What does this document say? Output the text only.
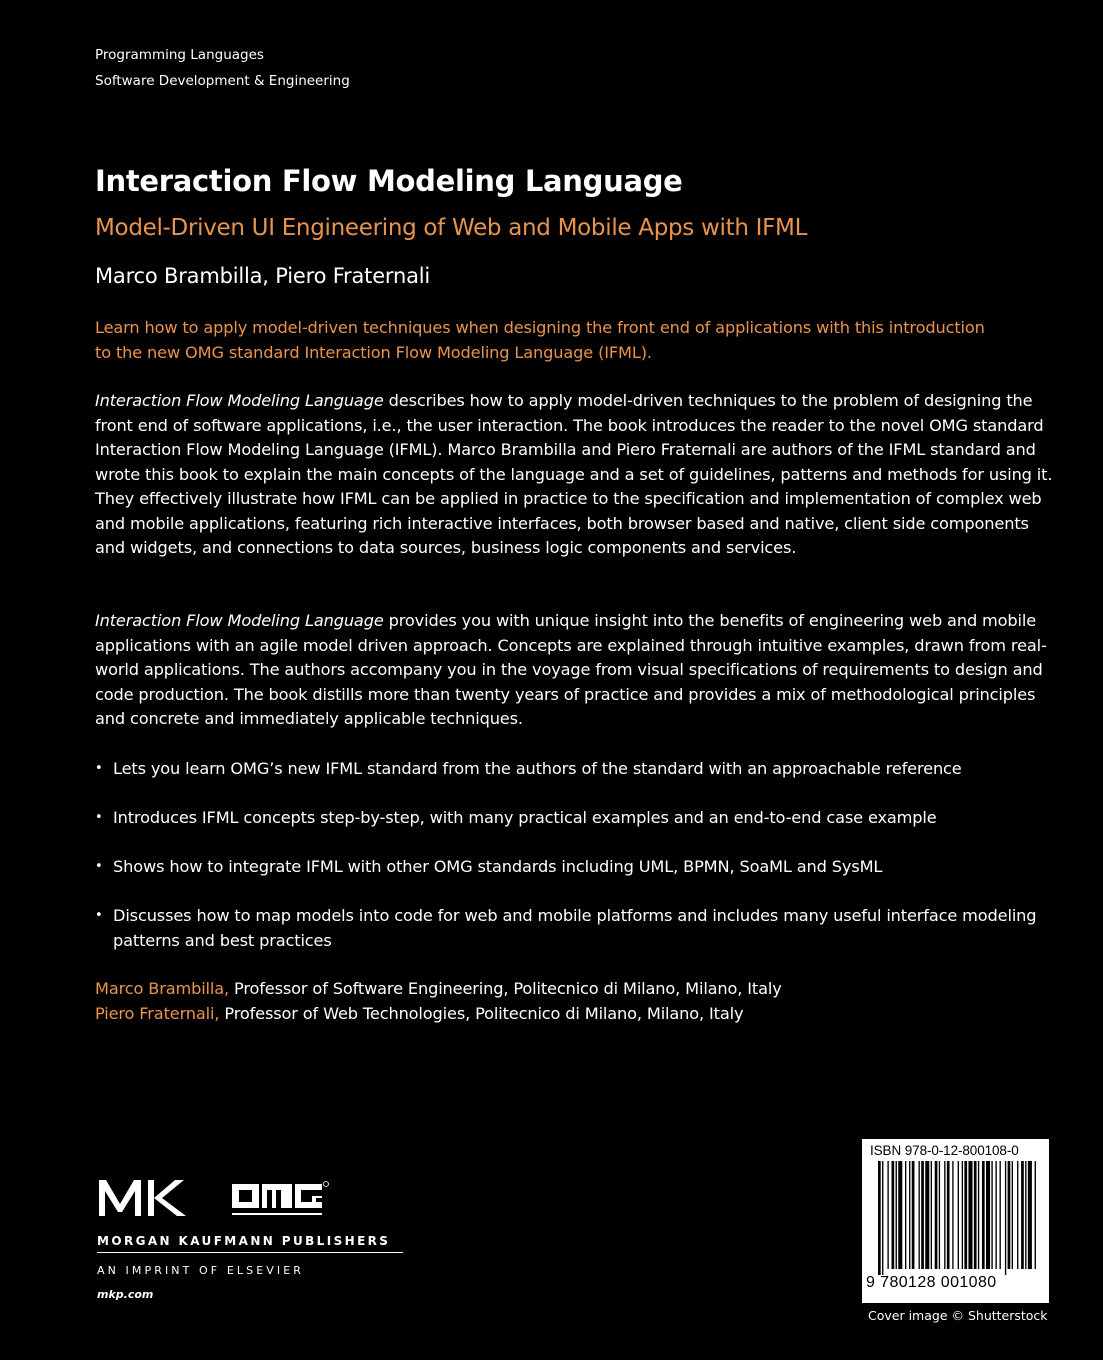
Programming Languages
Software Development & Engineering
Interaction Flow Modeling Language
Model-Driven UI Engineering of Web and Mobile Apps with IFML
Marco Brambilla, Piero Fraternali
Learn how to apply model-driven techniques when designing the front end of applications with this introduction to the new OMG standard Interaction Flow Modeling Language (IFML).
Interaction Flow Modeling Language describes how to apply model-driven techniques to the problem of designing the front end of software applications, i.e., the user interaction. The book introduces the reader to the novel OMG standard Interaction Flow Modeling Language (IFML). Marco Brambilla and Piero Fraternali are authors of the IFML standard and wrote this book to explain the main concepts of the language and a set of guidelines, patterns and methods for using it. They effectively illustrate how IFML can be applied in practice to the specification and implementation of complex web and mobile applications, featuring rich interactive interfaces, both browser based and native, client side components and widgets, and connections to data sources, business logic components and services.
Interaction Flow Modeling Language provides you with unique insight into the benefits of engineering web and mobile applications with an agile model driven approach. Concepts are explained through intuitive examples, drawn from real-world applications. The authors accompany you in the voyage from visual specifications of requirements to design and code production. The book distills more than twenty years of practice and provides a mix of methodological principles and concrete and immediately applicable techniques.
• Lets you learn OMG’s new IFML standard from the authors of the standard with an approachable reference
• Introduces IFML concepts step-by-step, with many practical examples and an end-to-end case example
• Shows how to integrate IFML with other OMG standards including UML, BPMN, SoaML and SysML
• Discusses how to map models into code for web and mobile platforms and includes many useful interface modeling patterns and best practices
Marco Brambilla, Professor of Software Engineering, Politecnico di Milano, Milano, Italy
Piero Fraternali, Professor of Web Technologies, Politecnico di Milano, Milano, Italy
MORGAN KAUFMANN PUBLISHERS
AN IMPRINT OF ELSEVIER
mkp.com
ISBN 978-0-12-800108-0
9 780128 001080
Cover image © Shutterstock
